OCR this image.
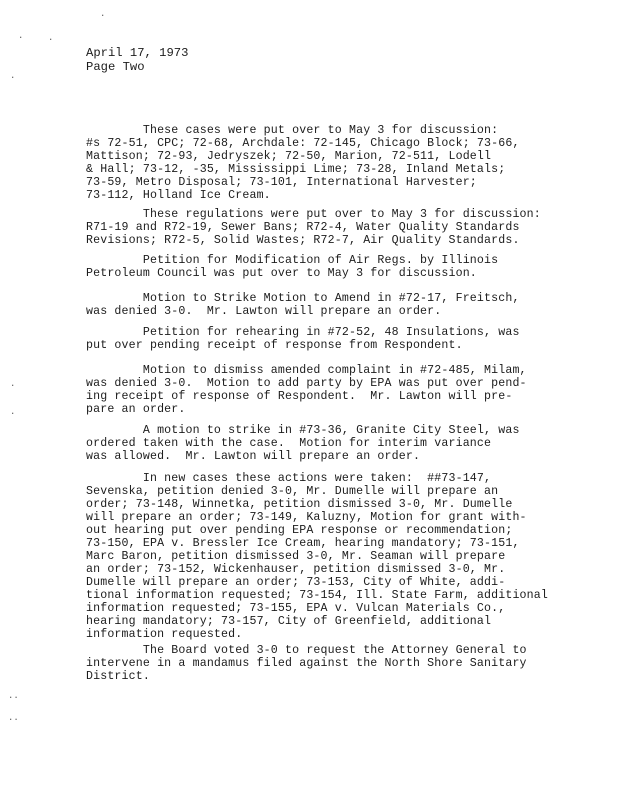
April 17, 1973
Page Two
These cases were put over to May 3 for discussion:
#s 72-51, CPC; 72-68, Archdale: 72-145, Chicago Block; 73-66,
Mattison; 72-93, Jedryszek; 72-50, Marion, 72-511, Lodell
& Hall; 73-12, -35, Mississippi Lime; 73-28, Inland Metals;
73-59, Metro Disposal; 73-101, International Harvester;
73-112, Holland Ice Cream.
These regulations were put over to May 3 for discussion:
R71-19 and R72-19, Sewer Bans; R72-4, Water Quality Standards
Revisions; R72-5, Solid Wastes; R72-7, Air Quality Standards.
Petition for Modification of Air Regs. by Illinois
Petroleum Council was put over to May 3 for discussion.
Motion to Strike Motion to Amend in #72-17, Freitsch,
was denied 3-0.  Mr. Lawton will prepare an order.
Petition for rehearing in #72-52, 48 Insulations, was
put over pending receipt of response from Respondent.
Motion to dismiss amended complaint in #72-485, Milam,
was denied 3-0.  Motion to add party by EPA was put over pend-
ing receipt of response of Respondent.  Mr. Lawton will pre-
pare an order.
A motion to strike in #73-36, Granite City Steel, was
ordered taken with the case.  Motion for interim variance
was allowed.  Mr. Lawton will prepare an order.
In new cases these actions were taken:  ##73-147,
Sevenska, petition denied 3-0, Mr. Dumelle will prepare an
order; 73-148, Winnetka, petition dismissed 3-0, Mr. Dumelle
will prepare an order; 73-149, Kaluzny, Motion for grant with-
out hearing put over pending EPA response or recommendation;
73-150, EPA v. Bressler Ice Cream, hearing mandatory; 73-151,
Marc Baron, petition dismissed 3-0, Mr. Seaman will prepare
an order; 73-152, Wickenhauser, petition dismissed 3-0, Mr.
Dumelle will prepare an order; 73-153, City of White, addi-
tional information requested; 73-154, Ill. State Farm, additional
information requested; 73-155, EPA v. Vulcan Materials Co.,
hearing mandatory; 73-157, City of Greenfield, additional
information requested.
The Board voted 3-0 to request the Attorney General to
intervene in a mandamus filed against the North Shore Sanitary
District.
·
·	·
·
·
·
··
··
